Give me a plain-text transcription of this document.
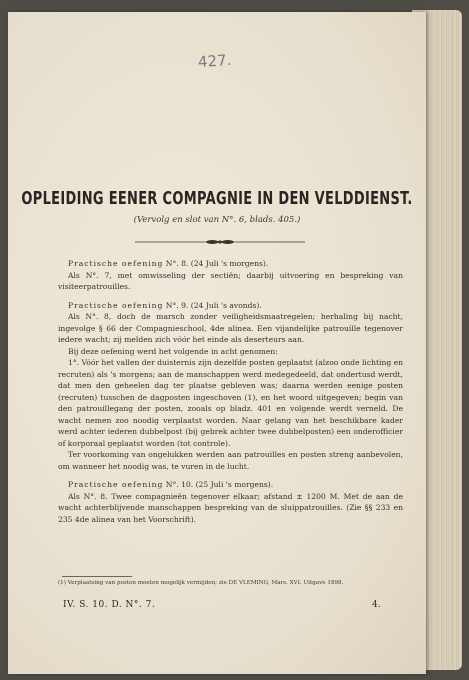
427.
OPLEIDING EENER COMPAGNIE IN DEN VELDDIENST.
(Vervolg en slot van N°. 6, blads. 405.)

Practische oefening N°. 8. (24 Juli 's morgens).

Als N°. 7, met omwisseling der sectiën; daarbij uitvoering en bespreking van visiteerpatrouilles.

Practische oefening N°. 9. (24 Juli 's avonds).

Als N°. 8, doch de marsch zonder veiligheidsmaatregelen; herhaling bij nacht, ingevolge § 66 der Compagnieschool, 4de alinea. Een vijandelijke patrouille tegenover iedere wacht; zij melden zich vóór het einde als deserteurs aan.

Bij deze oefening werd het volgende in acht genomen:

1°. Vóór het vallen der duisternis zijn dezelfde posten geplaatst (alzoo onde lichting en recruten) als 's morgens; aan de manschappen werd medegedeeld, dat ondertusd werdt, dat men den geheelen dag ter plaatse gebleven was; daarna werden eenige posten (recruten) tusschen de dagposten ingeschoven (1), en het woord uitgegeven; begin van den patrouillegang der posten, zooals op bladz. 401 en volgende werdt verneld. De wacht nemen zoo noodig verplaatst worden. Naar gelang van het beschikbare kader werd achter iederen dubbelpost (bij gebrek achter twee dubbelposten) een onderofficier of korporaal geplaatst worden (tot controle).

Ter voorkoming van ongelukken werden aan patrouilles en posten streng aanbevolen, om wanneer het noodig was, te vuren in de lucht.

Practische oefening N°. 10. (25 Juli 's morgens).

Als N°. 8. Twee compagnieën tegenover elkaar; afstand ± 1200 M. Met de aan de wacht achterblijvende manschappen bespreking van de sluippatrouilles. (Zie §§ 233 en 235 4de alinea van het Voorschrift).

(1) Verplaatsing van posten moeten mogelijk vermijden; zie DE VLEMING, Mars. XVI. Uitgave 1898.
IV. S. 10. D. N°. 7.	4.
